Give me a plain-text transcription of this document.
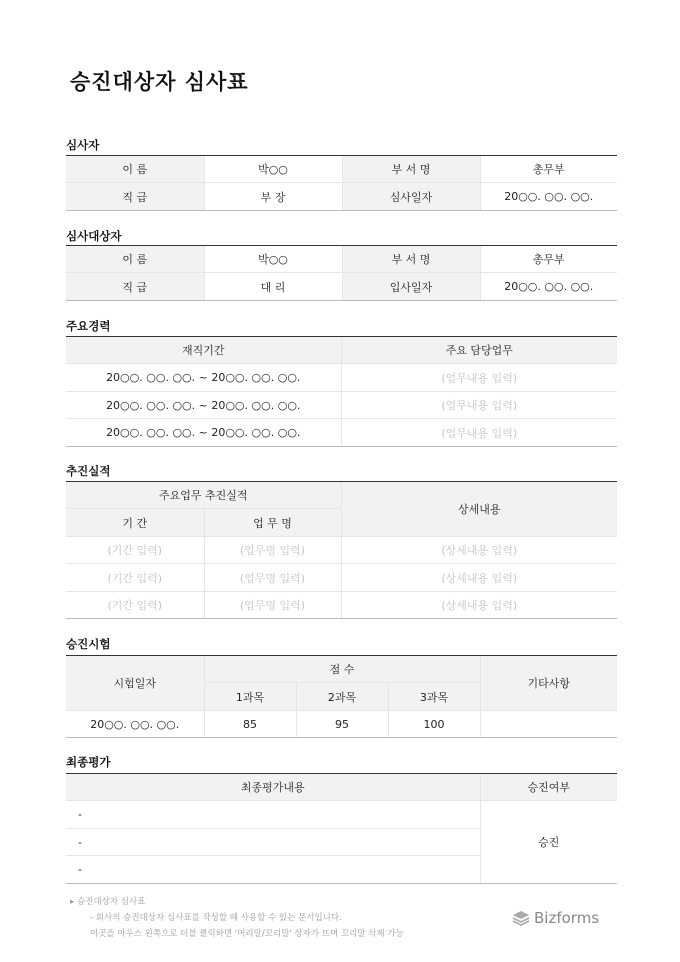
승진대상자 심사표
심사자
이 름	박○○	부 서 명	총무부
직 급	부 장	심사일자	20○○. ○○. ○○.
심사대상자
이 름	박○○	부 서 명	총무부
직 급	대 리	입사일자	20○○. ○○. ○○.
주요경력
재직기간	주요 담당업무
20○○. ○○. ○○. ~ 20○○. ○○. ○○.	(업무내용 입력)
20○○. ○○. ○○. ~ 20○○. ○○. ○○.	(업무내용 입력)
20○○. ○○. ○○. ~ 20○○. ○○. ○○.	(업무내용 입력)
추진실적
주요업무 추진실적		상세내용
기 간	업 무 명	
(기간 입력)	(업무명 입력)	(상세내용 입력)
(기간 입력)	(업무명 입력)	(상세내용 입력)
(기간 입력)	(업무명 입력)	(상세내용 입력)
승진시험
시험일자	점 수			기타사항
	1과목	2과목	3과목	
20○○. ○○. ○○.	85	95	100	
최종평가
최종평가내용	승진여부
-	승진
-	
-	
▸ 승진대상자 심사표
- 회사의 승진대상자 심사표를 작성할 때 사용할 수 있는 문서입니다.
이곳을 마우스 왼쪽으로 더블 클릭하면 '머리말/꼬리말' 상자가 뜨며 꼬리말 삭제 가능
Bizforms
